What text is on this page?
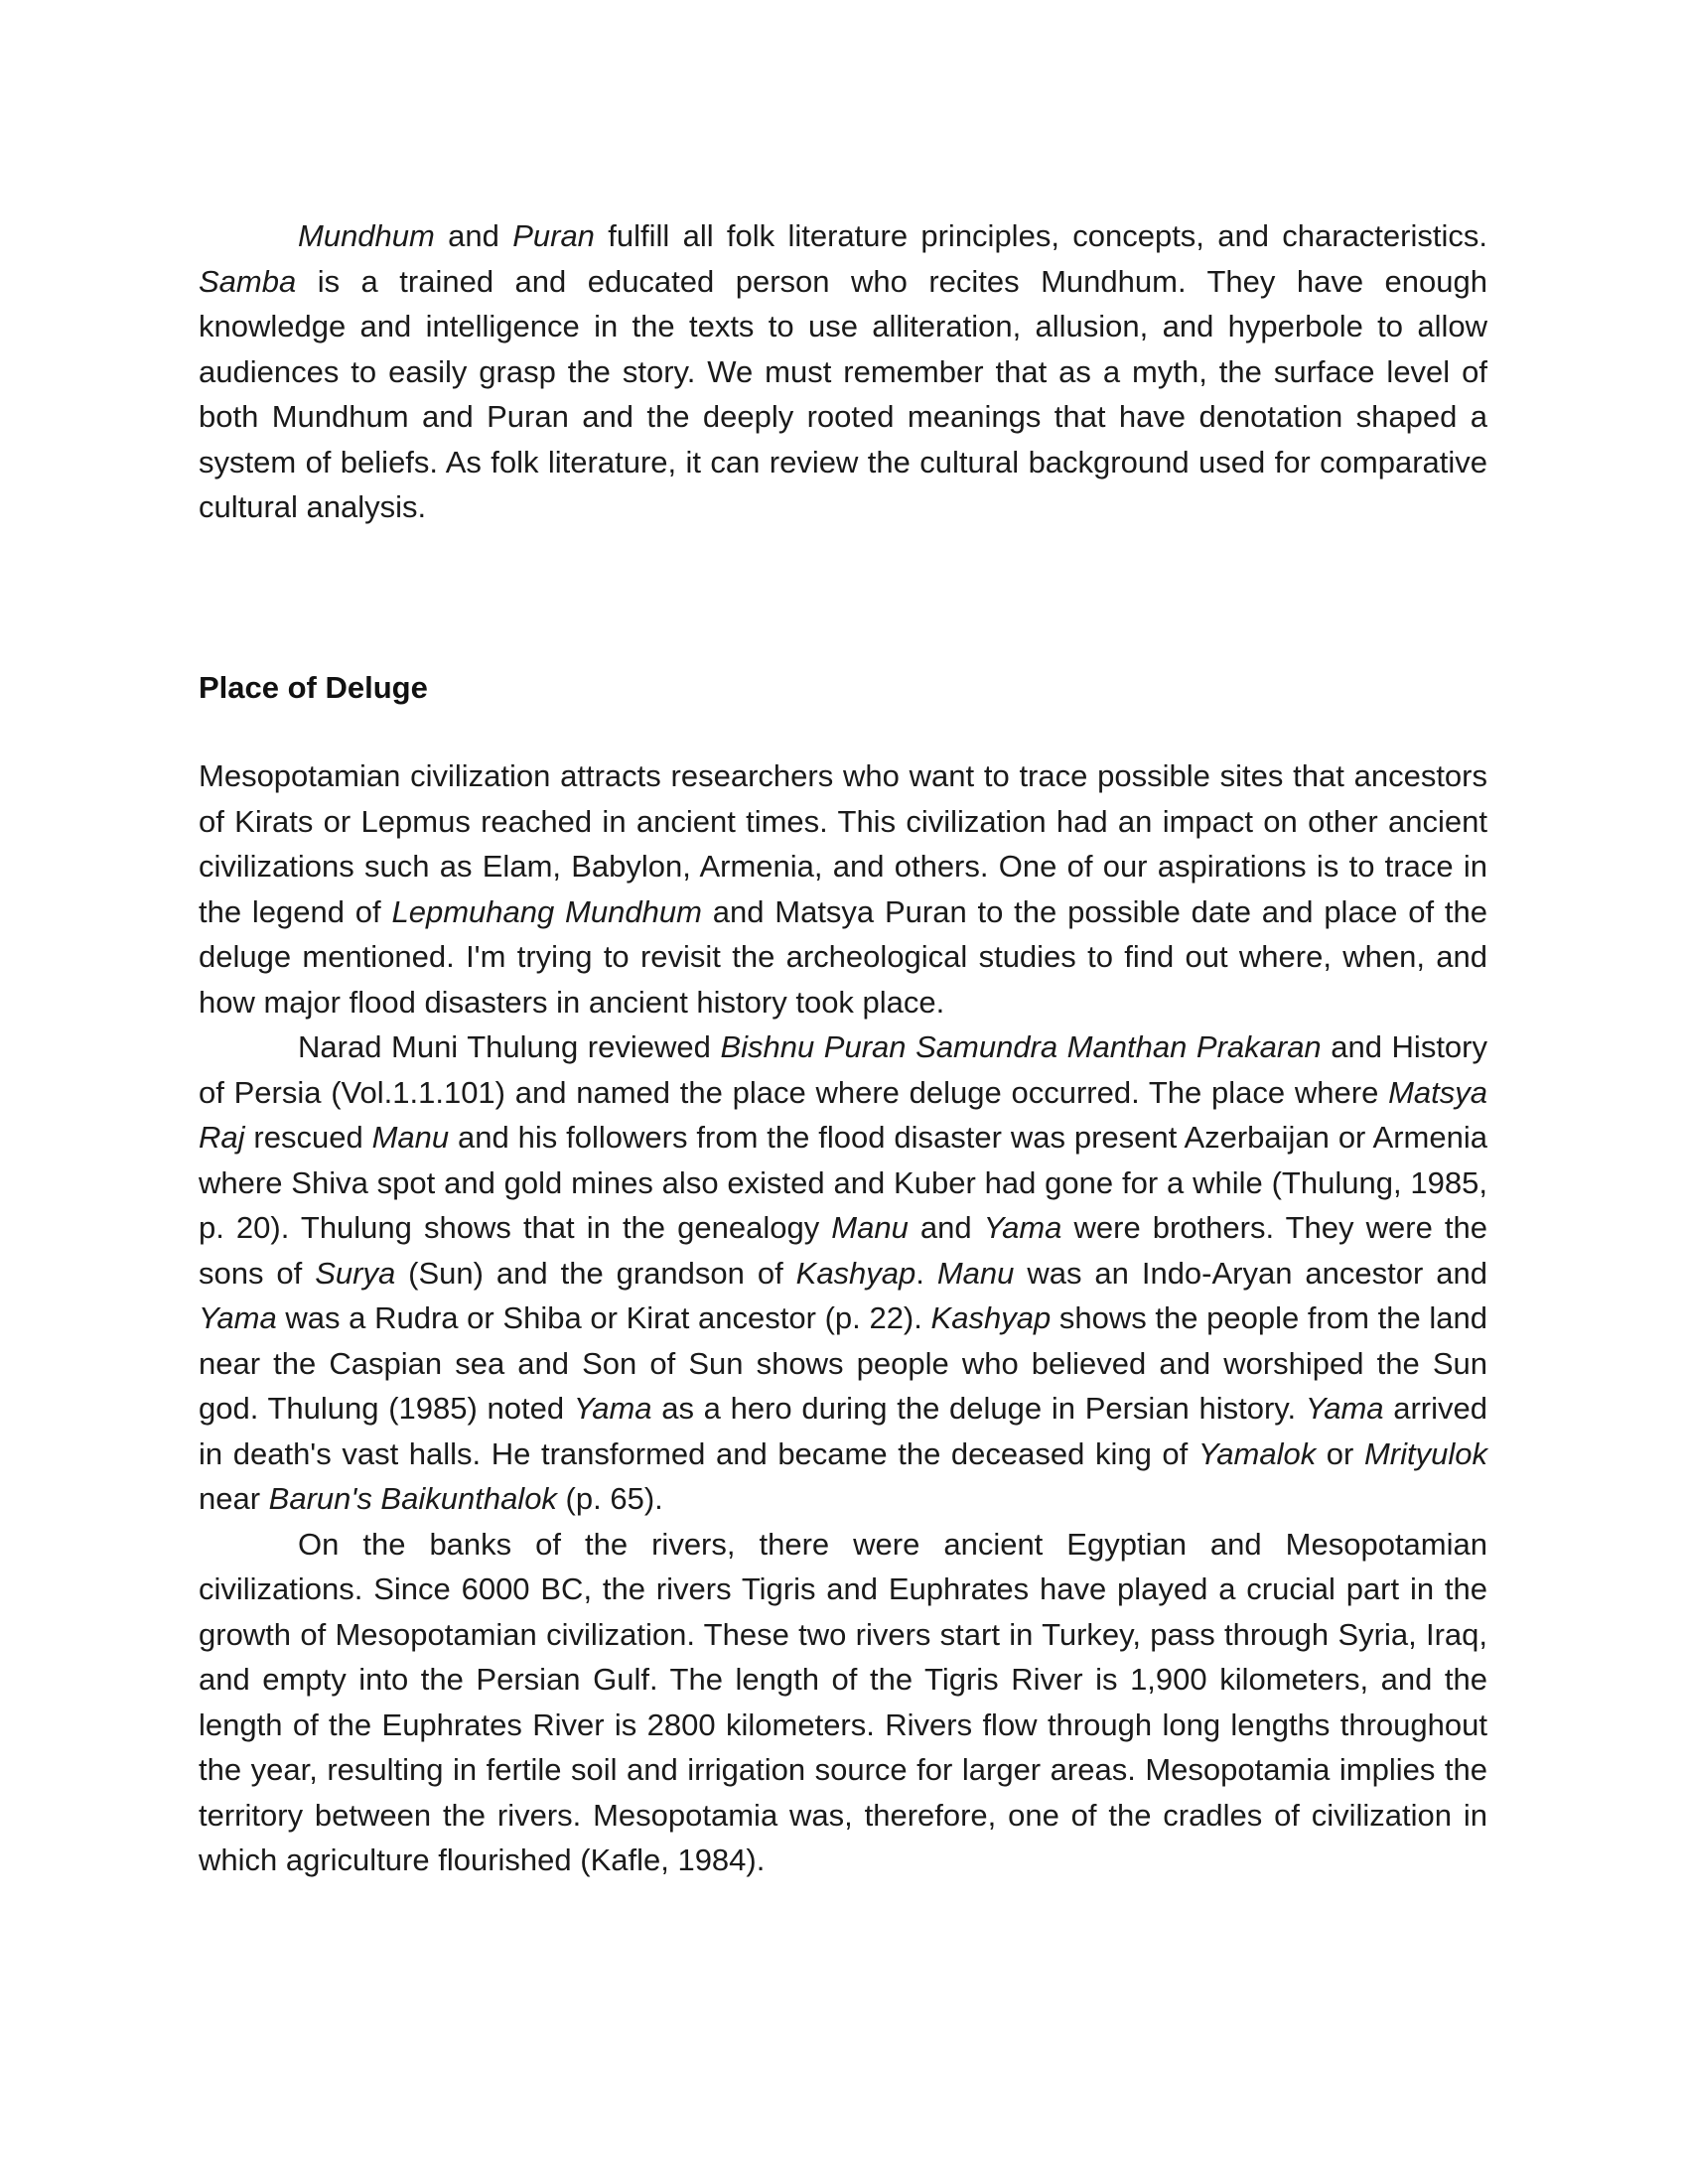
Mundhum and Puran fulfill all folk literature principles, concepts, and characteristics. Samba is a trained and educated person who recites Mundhum. They have enough knowledge and intelligence in the texts to use alliteration, allusion, and hyperbole to allow audiences to easily grasp the story. We must remember that as a myth, the surface level of both Mundhum and Puran and the deeply rooted meanings that have denotation shaped a system of beliefs. As folk literature, it can review the cultural background used for comparative cultural analysis.

Place of Deluge

Mesopotamian civilization attracts researchers who want to trace possible sites that ancestors of Kirats or Lepmus reached in ancient times. This civilization had an impact on other ancient civilizations such as Elam, Babylon, Armenia, and others. One of our aspirations is to trace in the legend of Lepmuhang Mundhum and Matsya Puran to the possible date and place of the deluge mentioned. I'm trying to revisit the archeological studies to find out where, when, and how major flood disasters in ancient history took place.

Narad Muni Thulung reviewed Bishnu Puran Samundra Manthan Prakaran and History of Persia (Vol.1.1.101) and named the place where deluge occurred. The place where Matsya Raj rescued Manu and his followers from the flood disaster was present Azerbaijan or Armenia where Shiva spot and gold mines also existed and Kuber had gone for a while (Thulung, 1985, p. 20). Thulung shows that in the genealogy Manu and Yama were brothers. They were the sons of Surya (Sun) and the grandson of Kashyap. Manu was an Indo-Aryan ancestor and Yama was a Rudra or Shiba or Kirat ancestor (p. 22). Kashyap shows the people from the land near the Caspian sea and Son of Sun shows people who believed and worshiped the Sun god. Thulung (1985) noted Yama as a hero during the deluge in Persian history. Yama arrived in death's vast halls. He transformed and became the deceased king of Yamalok or Mrityulok near Barun's Baikunthalok (p. 65).

On the banks of the rivers, there were ancient Egyptian and Mesopotamian civilizations. Since 6000 BC, the rivers Tigris and Euphrates have played a crucial part in the growth of Mesopotamian civilization. These two rivers start in Turkey, pass through Syria, Iraq, and empty into the Persian Gulf. The length of the Tigris River is 1,900 kilometers, and the length of the Euphrates River is 2800 kilometers. Rivers flow through long lengths throughout the year, resulting in fertile soil and irrigation source for larger areas. Mesopotamia implies the territory between the rivers. Mesopotamia was, therefore, one of the cradles of civilization in which agriculture flourished (Kafle, 1984).
